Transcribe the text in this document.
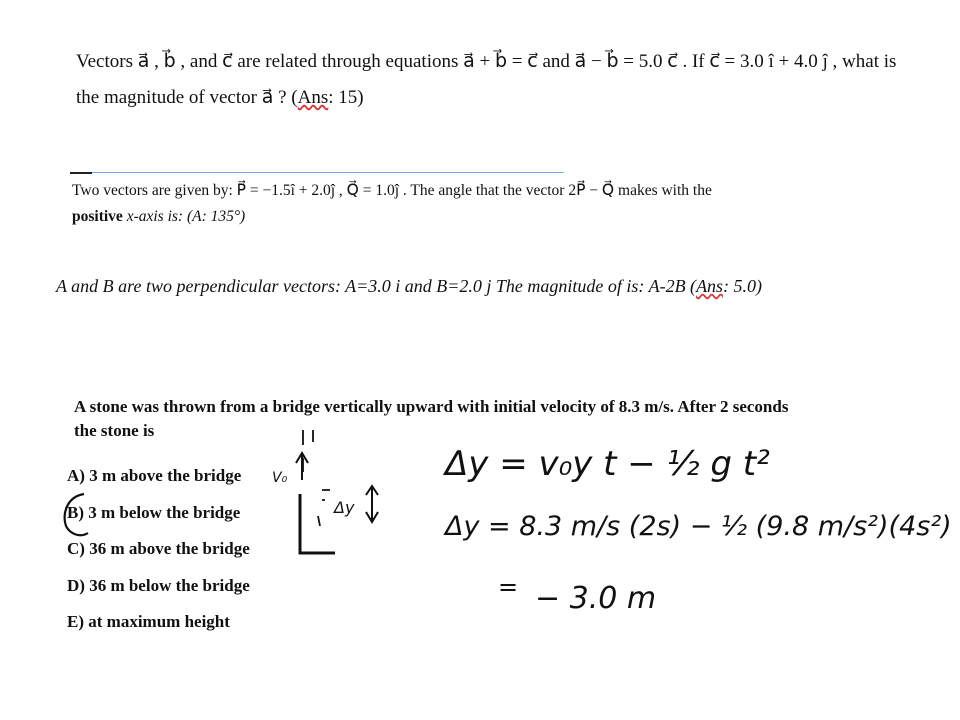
Vectors a⃗ , b⃗ , and c⃗ are related through equations a⃗ + b⃗ = c⃗ and a⃗ − b⃗ = 5.0 c⃗ . If c⃗ = 3.0 î + 4.0 ĵ , what is
the magnitude of vector a⃗ ? (Ans: 15)
Two vectors are given by: P⃗ = −1.5î + 2.0ĵ , Q⃗ = 1.0ĵ . The angle that the vector 2P⃗ − Q⃗ makes with the
positive x-axis is: (A: 135°)
A and B are two perpendicular vectors: A=3.0 i and B=2.0 j The magnitude of is: A-2B (Ans: 5.0)
A stone was thrown from a bridge vertically upward with initial velocity of 8.3 m/s. After 2 seconds
the stone is
A) 3 m above the bridge
B) 3 m below the bridge
C) 36 m above the bridge
D) 36 m below the bridge
E) at maximum height
V₀
Δy
Δy = v₀y t − ½ g t²
Δy = 8.3 m/s (2s) − ½ (9.8 m/s²)(4s²)
= − 3.0 m
